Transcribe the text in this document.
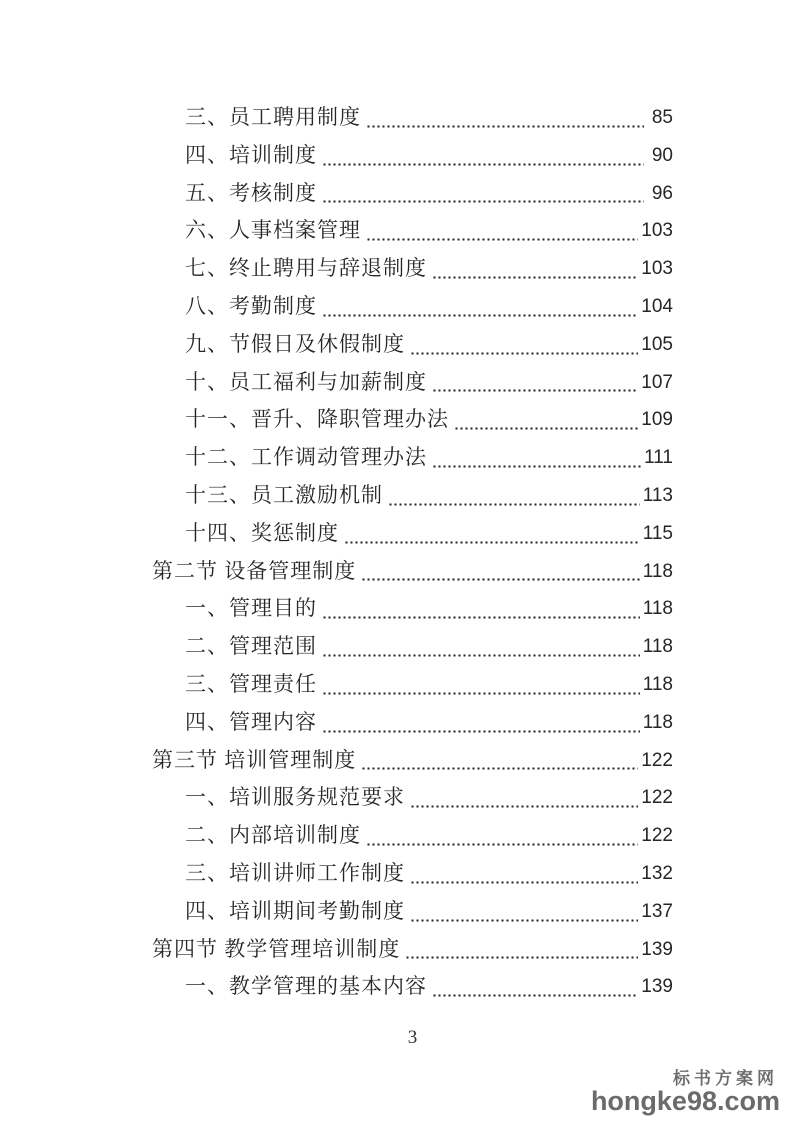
三、员工聘用制度	85
四、培训制度	90
五、考核制度	96
六、人事档案管理	103
七、终止聘用与辞退制度	103
八、考勤制度	104
九、节假日及休假制度	105
十、员工福利与加薪制度	107
十一、晋升、降职管理办法	109
十二、工作调动管理办法	111
十三、员工激励机制	113
十四、奖惩制度	115
第二节 设备管理制度	118
一、管理目的	118
二、管理范围	118
三、管理责任	118
四、管理内容	118
第三节 培训管理制度	122
一、培训服务规范要求	122
二、内部培训制度	122
三、培训讲师工作制度	132
四、培训期间考勤制度	137
第四节 教学管理培训制度	139
一、教学管理的基本内容	139
3
标书方案网
hongke98.com
